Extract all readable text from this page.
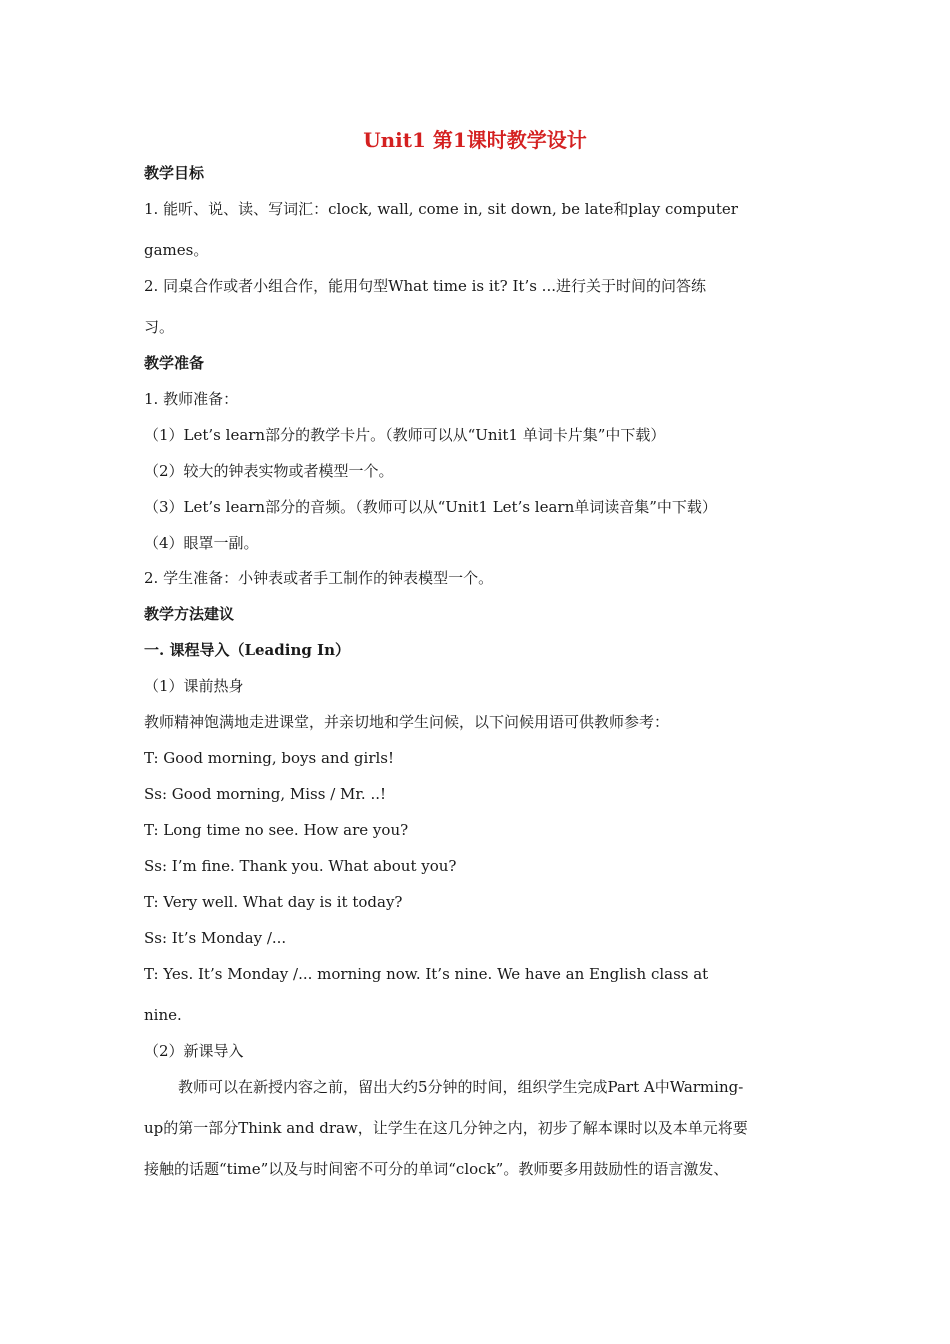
Unit1 第1课时教学设计
教学目标
1. 能听、说、读、写词汇：clock, wall, come in, sit down, be late和play computer
games。
2. 同桌合作或者小组合作，能用句型What time is it? It’s ...进行关于时间的问答练
习。
教学准备
1. 教师准备：
（1）Let’s learn部分的教学卡片。（教师可以从“Unit1 单词卡片集”中下载）
（2）较大的钟表实物或者模型一个。
（3）Let’s learn部分的音频。（教师可以从“Unit1 Let’s learn单词读音集”中下载）
（4）眼罩一副。
2. 学生准备：小钟表或者手工制作的钟表模型一个。
教学方法建议
一. 课程导入（Leading In）
（1）课前热身
教师精神饱满地走进课堂，并亲切地和学生问候，以下问候用语可供教师参考：
T: Good morning, boys and girls!
Ss: Good morning, Miss / Mr. ..!
T: Long time no see. How are you?
Ss: I’m fine. Thank you. What about you?
T: Very well. What day is it today?
Ss: It’s Monday /...
T: Yes. It’s Monday /... morning now. It’s nine. We have an English class at
nine.
（2）新课导入
教师可以在新授内容之前，留出大约5分钟的时间，组织学生完成Part A中Warming-
up的第一部分Think and draw，让学生在这几分钟之内，初步了解本课时以及本单元将要
接触的话题“time”以及与时间密不可分的单词“clock”。教师要多用鼓励性的语言激发、
